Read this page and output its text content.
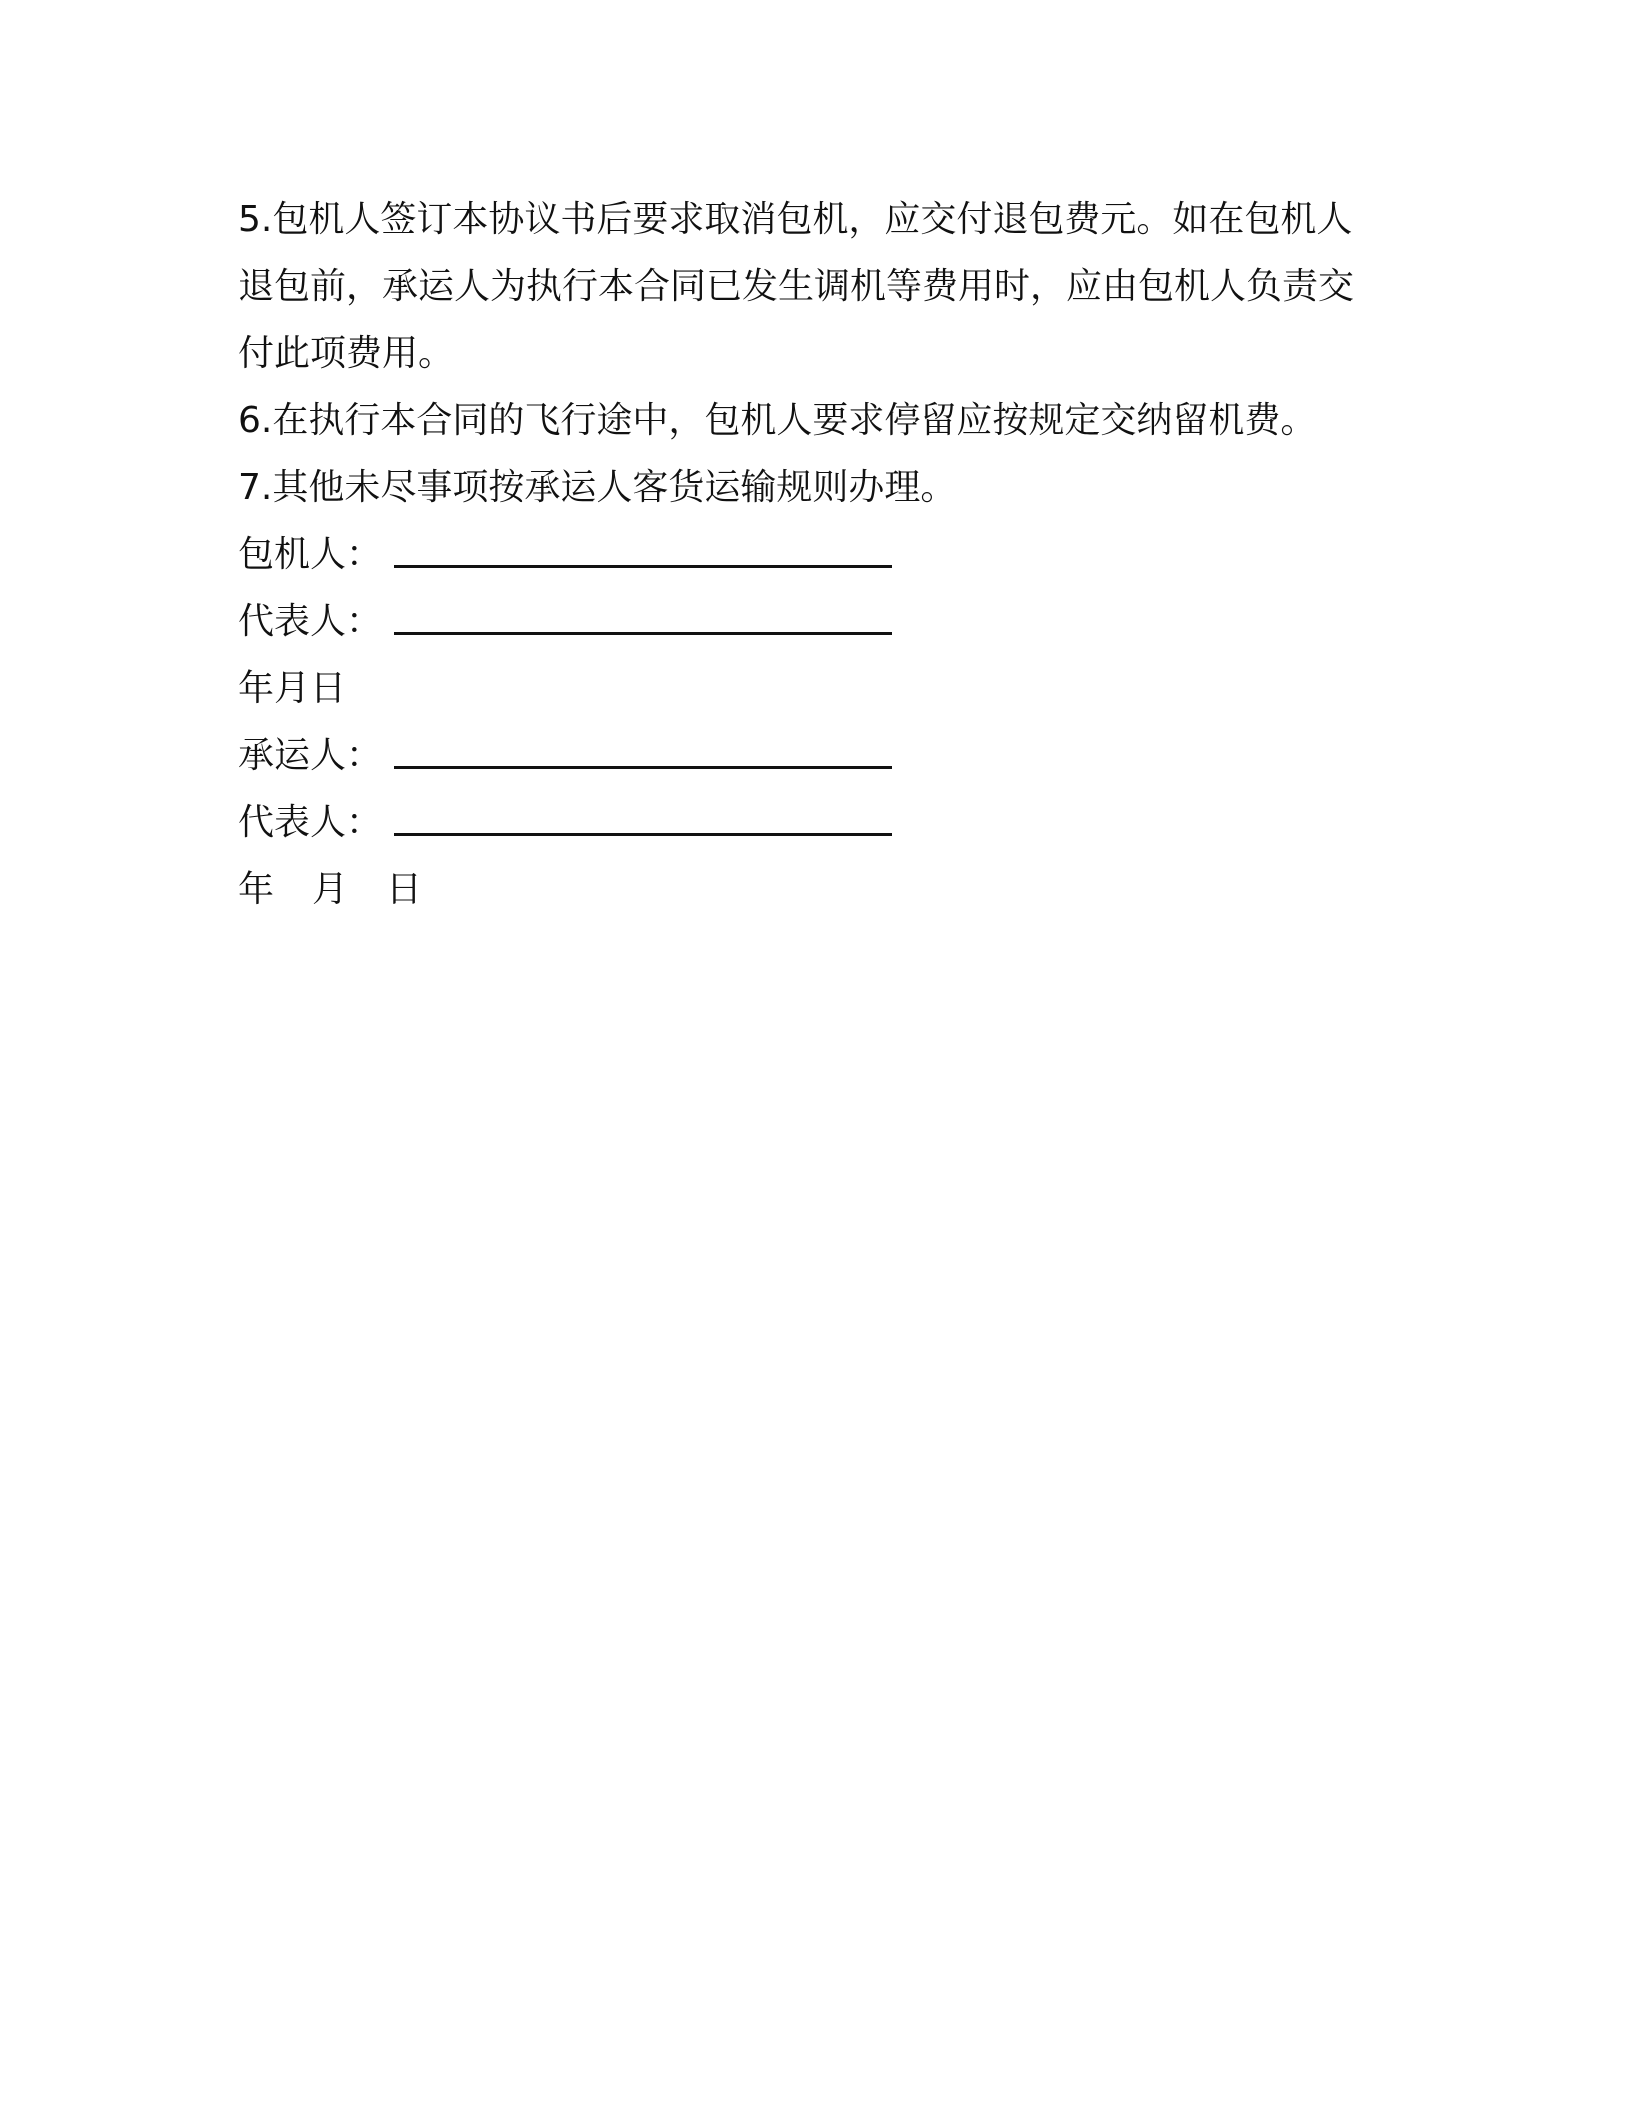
5.包机人签订本协议书后要求取消包机，应交付退包费元。如在包机人
退包前，承运人为执行本合同已发生调机等费用时，应由包机人负责交
付此项费用。
6.在执行本合同的飞行途中，包机人要求停留应按规定交纳留机费。
7.其他未尽事项按承运人客货运输规则办理。
包机人：
代表人：
年月日
承运人：
代表人：
年 月 日
